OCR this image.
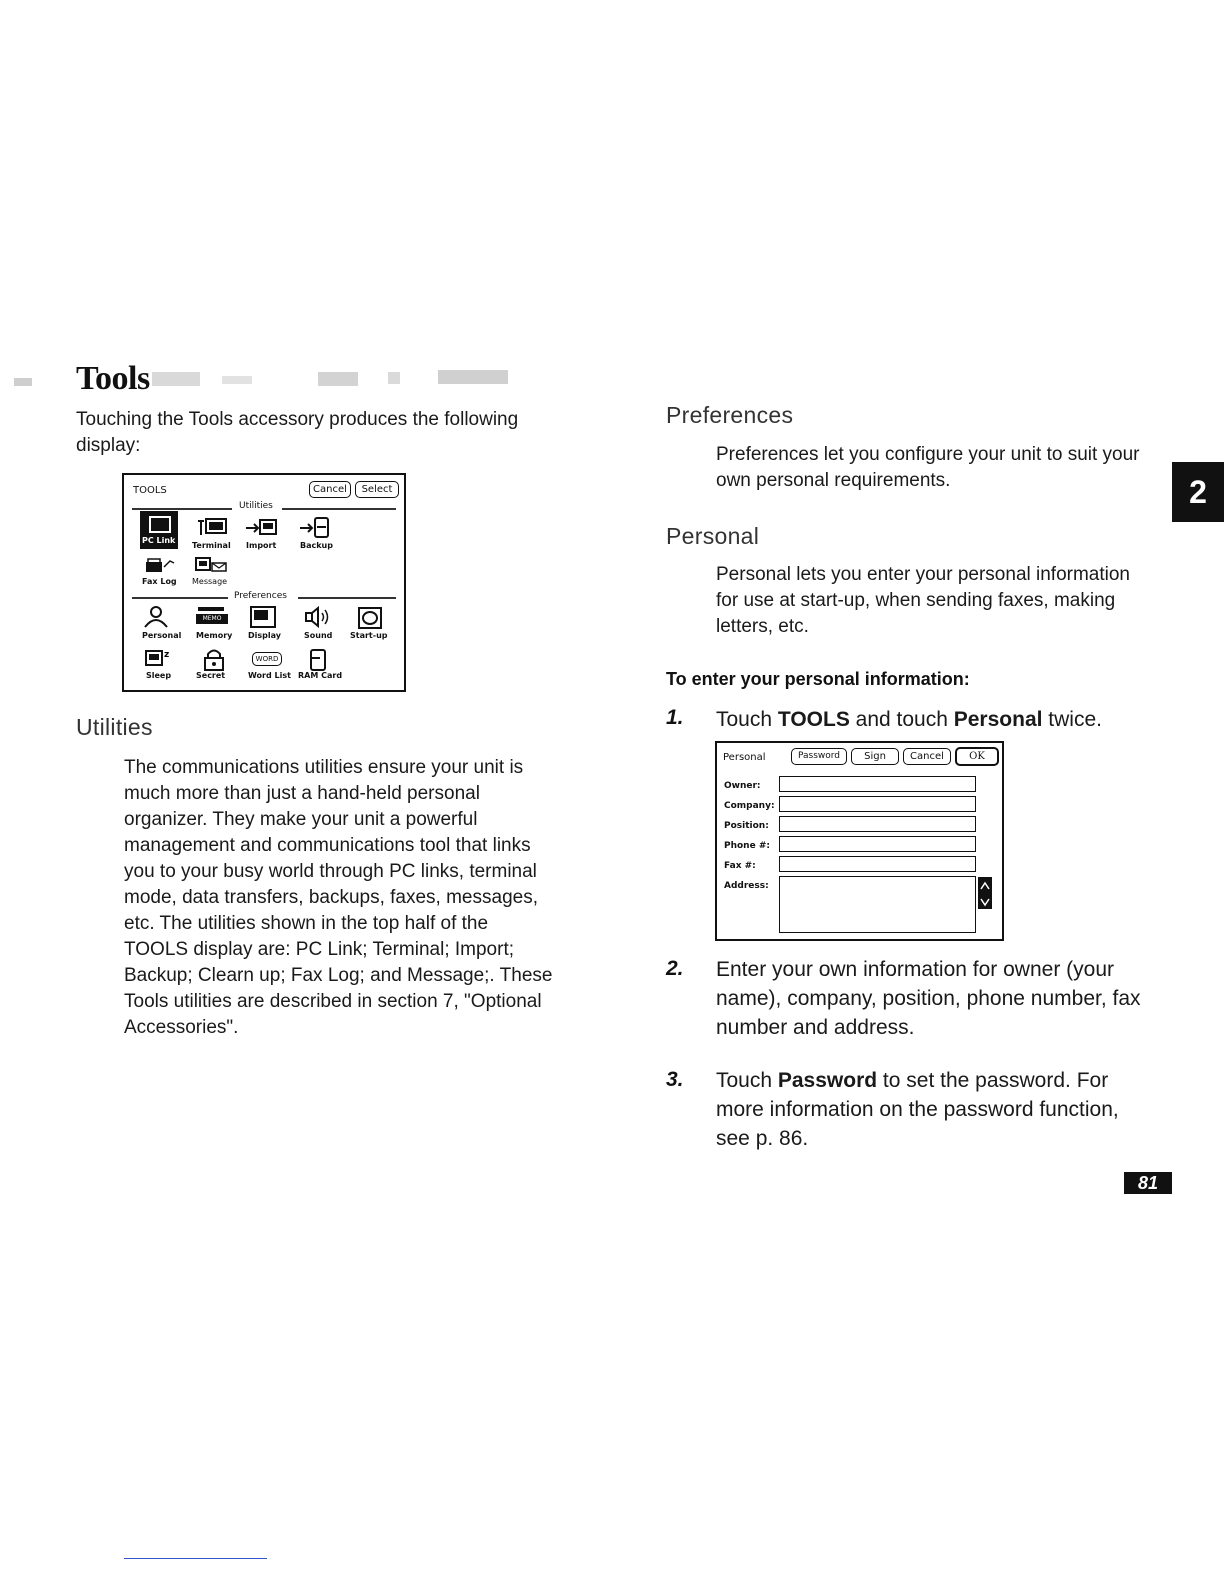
Tools
Touching the Tools accessory produces the following display:
TOOLS	Cancel	Select
Utilities
PC Link
Terminal Import	Backup
Fax Log Message
Preferences
Personal
MEMO
Memory Display	Sound Start-up
z
Sleep	Secret
WORD
Word List RAM Card
Utilities
The communications utilities ensure your unit is much more than just a hand-held personal organizer. They make your unit a powerful management and communications tool that links you to your busy world through PC links, terminal mode, data transfers, backups, faxes, messages, etc. The utilities shown in the top half of the TOOLS display are: PC Link; Terminal; Import; Backup; Clearn up; Fax Log; and Message;. These Tools utilities are described in section 7, "Optional Accessories".
Preferences
Preferences let you configure your unit to suit your own personal requirements.
Personal
Personal lets you enter your personal information for use at start-up, when sending faxes, making letters, etc.
To enter your personal information:
1. Touch TOOLS and touch Personal twice.
Personal	Password	Sign	Cancel	OK
Owner:
Company:
Position:
Phone #:
Fax #:
Address:
2. Enter your own information for owner (your name), company, position, phone number, fax number and address.
3. Touch Password to set the password. For more information on the password function, see p. 86.
2
81
